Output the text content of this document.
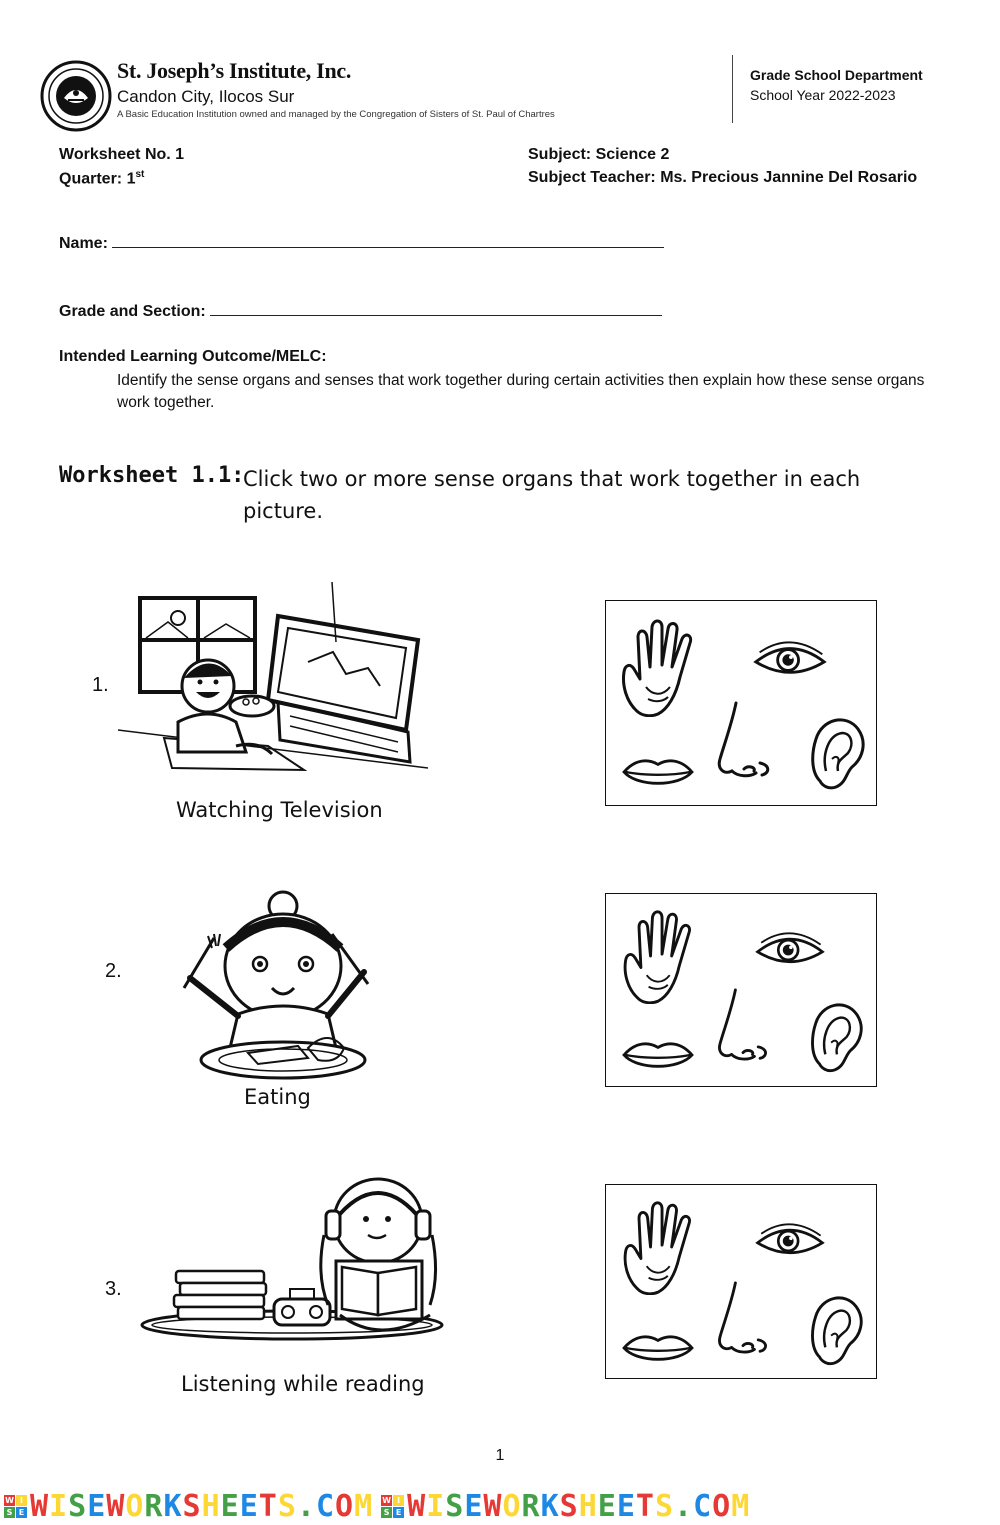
St. Joseph’s Institute, Inc.
Candon City, Ilocos Sur
A Basic Education Institution owned and managed by the Congregation of Sisters of St. Paul of Chartres
Grade School Department
School Year 2022-2023
Worksheet No. 1
Quarter: 1st
Subject: Science 2
Subject Teacher: Ms. Precious Jannine Del Rosario
Name:
Grade and Section:
Intended Learning Outcome/MELC:
Identify the sense organs and senses that work together during certain activities then explain how these sense organs work together.
Worksheet 1.1:
Click two or more sense organs that work together in each picture.
1.
Watching Television
2.
Eating
3.
Listening while reading
1
W I
S E WISEWORKSHEETS.COM W I
S E WISEWORKSHEETS.COM
